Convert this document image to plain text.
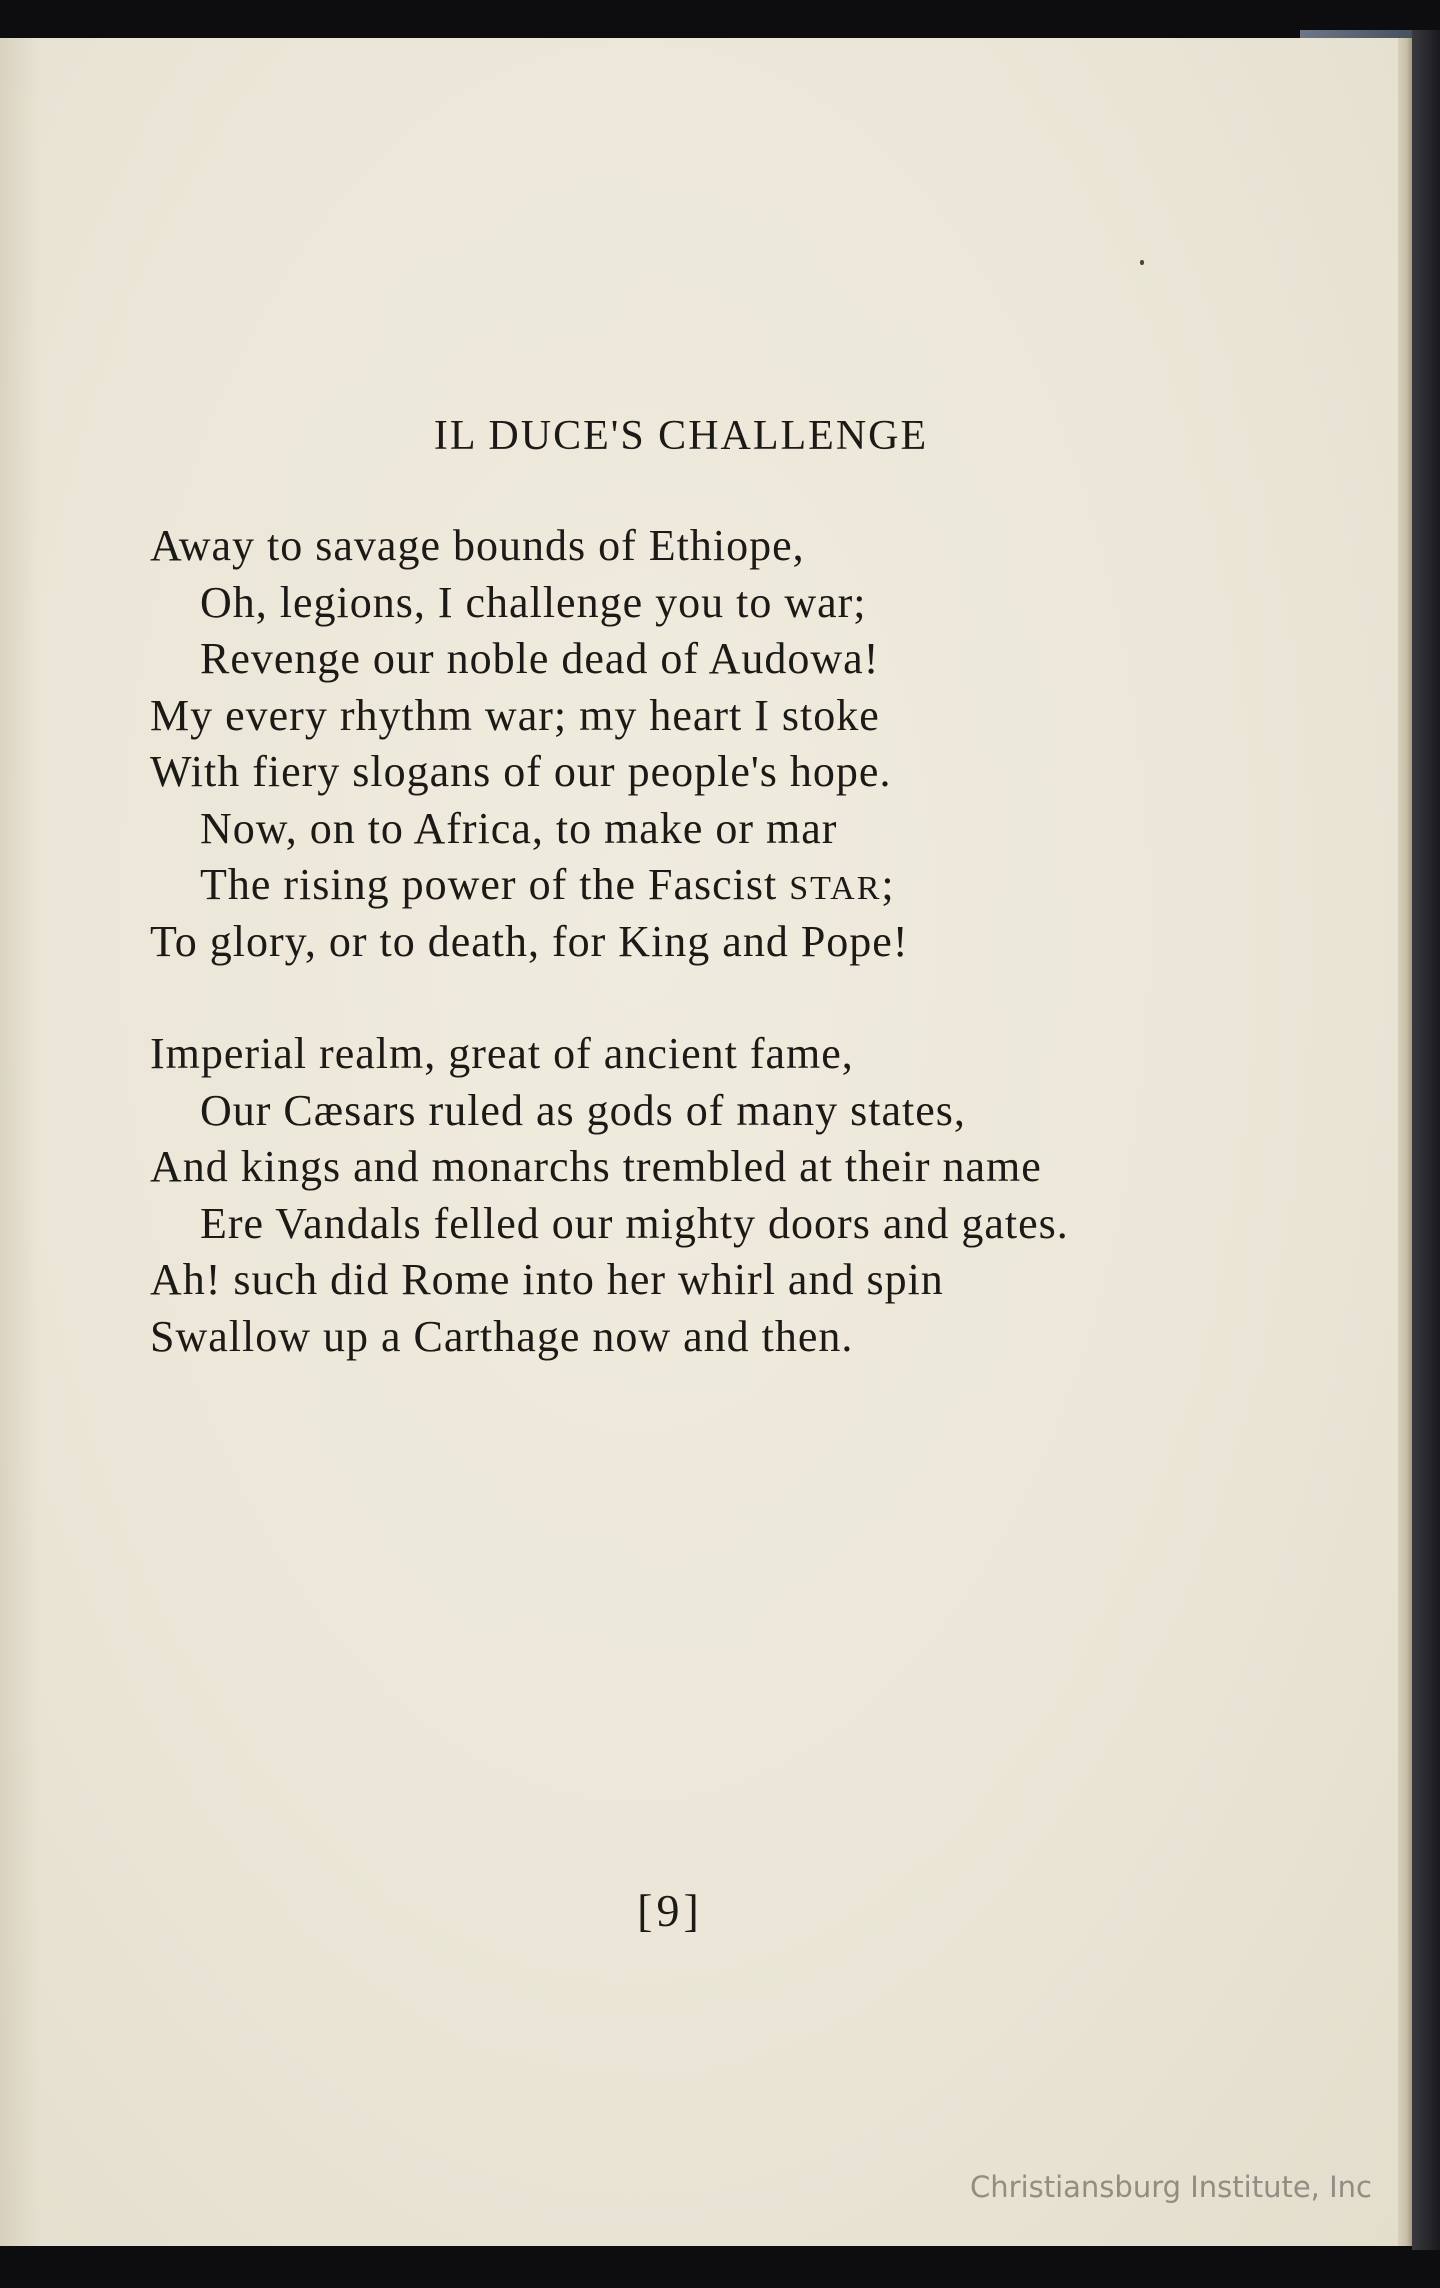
IL DUCE'S CHALLENGE
Away to savage bounds of Ethiope,
Oh, legions, I challenge you to war;
Revenge our noble dead of Audowa!
My every rhythm war; my heart I stoke
With fiery slogans of our people's hope.
Now, on to Africa, to make or mar
The rising power of the Fascist STAR;
To glory, or to death, for King and Pope!
Imperial realm, great of ancient fame,
Our Cæsars ruled as gods of many states,
And kings and monarchs trembled at their name
Ere Vandals felled our mighty doors and gates.
Ah! such did Rome into her whirl and spin
Swallow up a Carthage now and then.
[9]
Christiansburg Institute, Inc
